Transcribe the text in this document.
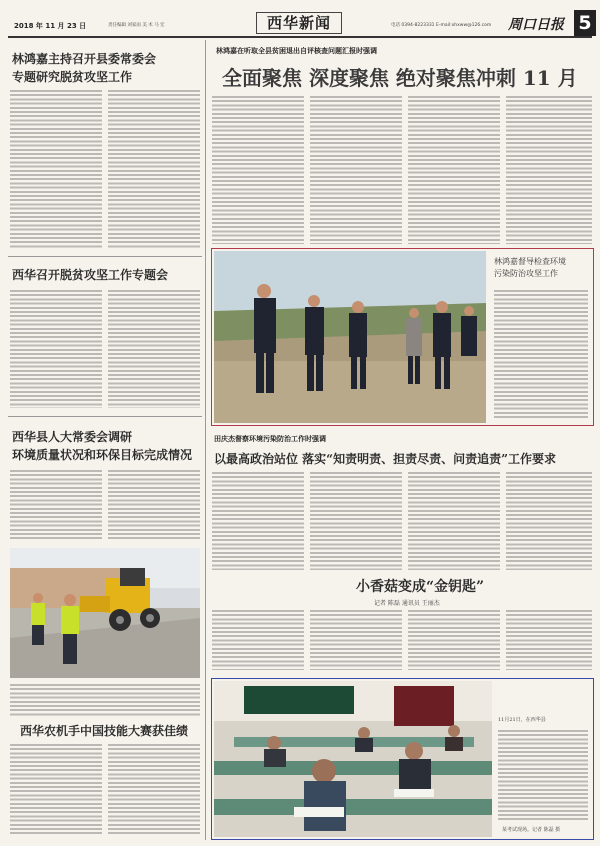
2018 年 11 月 23 日	责任编辑 刘家雨 美 术 马 宏	西华新闻	电话 0394-8223331 E-mail:xhxww@126.com 周口日报 5
林鸿嘉主持召开县委常委会
专题研究脱贫攻坚工作
西华召开脱贫攻坚工作专题会
西华县人大常委会调研
环境质量状况和环保目标完成情况
西华农机手中国技能大赛获佳绩
林鸿嘉在听取全县贫困退出自评核查问题汇报时强调
全面聚焦 深度聚焦 绝对聚焦冲刺 11 月
林鸿嘉督导检查环境
污染防治攻坚工作
田庆杰督察环境污染防治工作时强调
以最高政治站位 落实“知责明责、担责尽责、问责追责”工作要求
小香菇变成“金钥匙”
记者 陈磊 通讯员 王丽杰
11月21日，在西华县
某考试现场。记者 陈磊 摄
